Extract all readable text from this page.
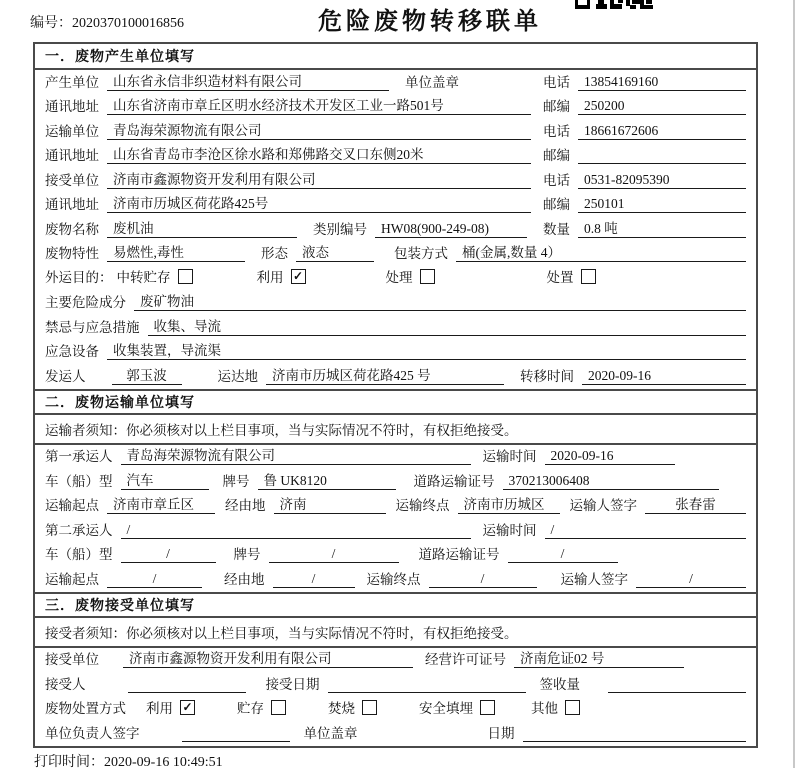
编号：2020370100016856	危险废物转移联单
一．废物产生单位填写
产生单位	山东省永信非织造材料有限公司	单位盖章	电话	13854169160
通讯地址	山东省济南市章丘区明水经济技术开发区工业一路501号	邮编	250200
运输单位	青岛海荣源物流有限公司	电话	18661672606
通讯地址	山东省青岛市李沧区徐水路和郑佛路交叉口东侧20米	邮编
接受单位	济南市鑫源物资开发利用有限公司	电话	0531-82095390
通讯地址	济南市历城区荷花路425号	邮编	250101
废物名称	废机油	类别编号	HW08(900-249-08)	数量	0.8 吨
废物特性	易燃性,毒性	形态	液态	包装方式	桶(金属,数量 4）
外运目的： 中转贮存	利用 ✓	处理	处置
主要危险成分	废矿物油
禁忌与应急措施	收集、导流
应急设备	收集装置，导流渠
发运人	郭玉波	运达地	济南市历城区荷花路425 号	转移时间	2020-09-16
二．废物运输单位填写
运输者须知：你必须核对以上栏目事项，当与实际情况不符时，有权拒绝接受。
第一承运人	青岛海荣源物流有限公司	运输时间	2020-09-16
车（船）型	汽车	牌号	鲁 UK8120	道路运输证号	370213006408
运输起点	济南市章丘区	经由地	济南	运输终点	济南市历城区	运输人签字	张春雷
第二承运人	/	运输时间	/
车（船）型	/	牌号	/	道路运输证号	/
运输起点	/	经由地	/	运输终点	/	运输人签字	/
三．废物接受单位填写
接受者须知：你必须核对以上栏目事项，当与实际情况不符时，有权拒绝接受。
接受单位	济南市鑫源物资开发利用有限公司	经营许可证号	济南危证02 号
接受人	接受日期	签收量
废物处置方式 利用 ✓	贮存	焚烧	安全填埋	其他
单位负责人签字	单位盖章	日期
打印时间：2020-09-16 10:49:51
